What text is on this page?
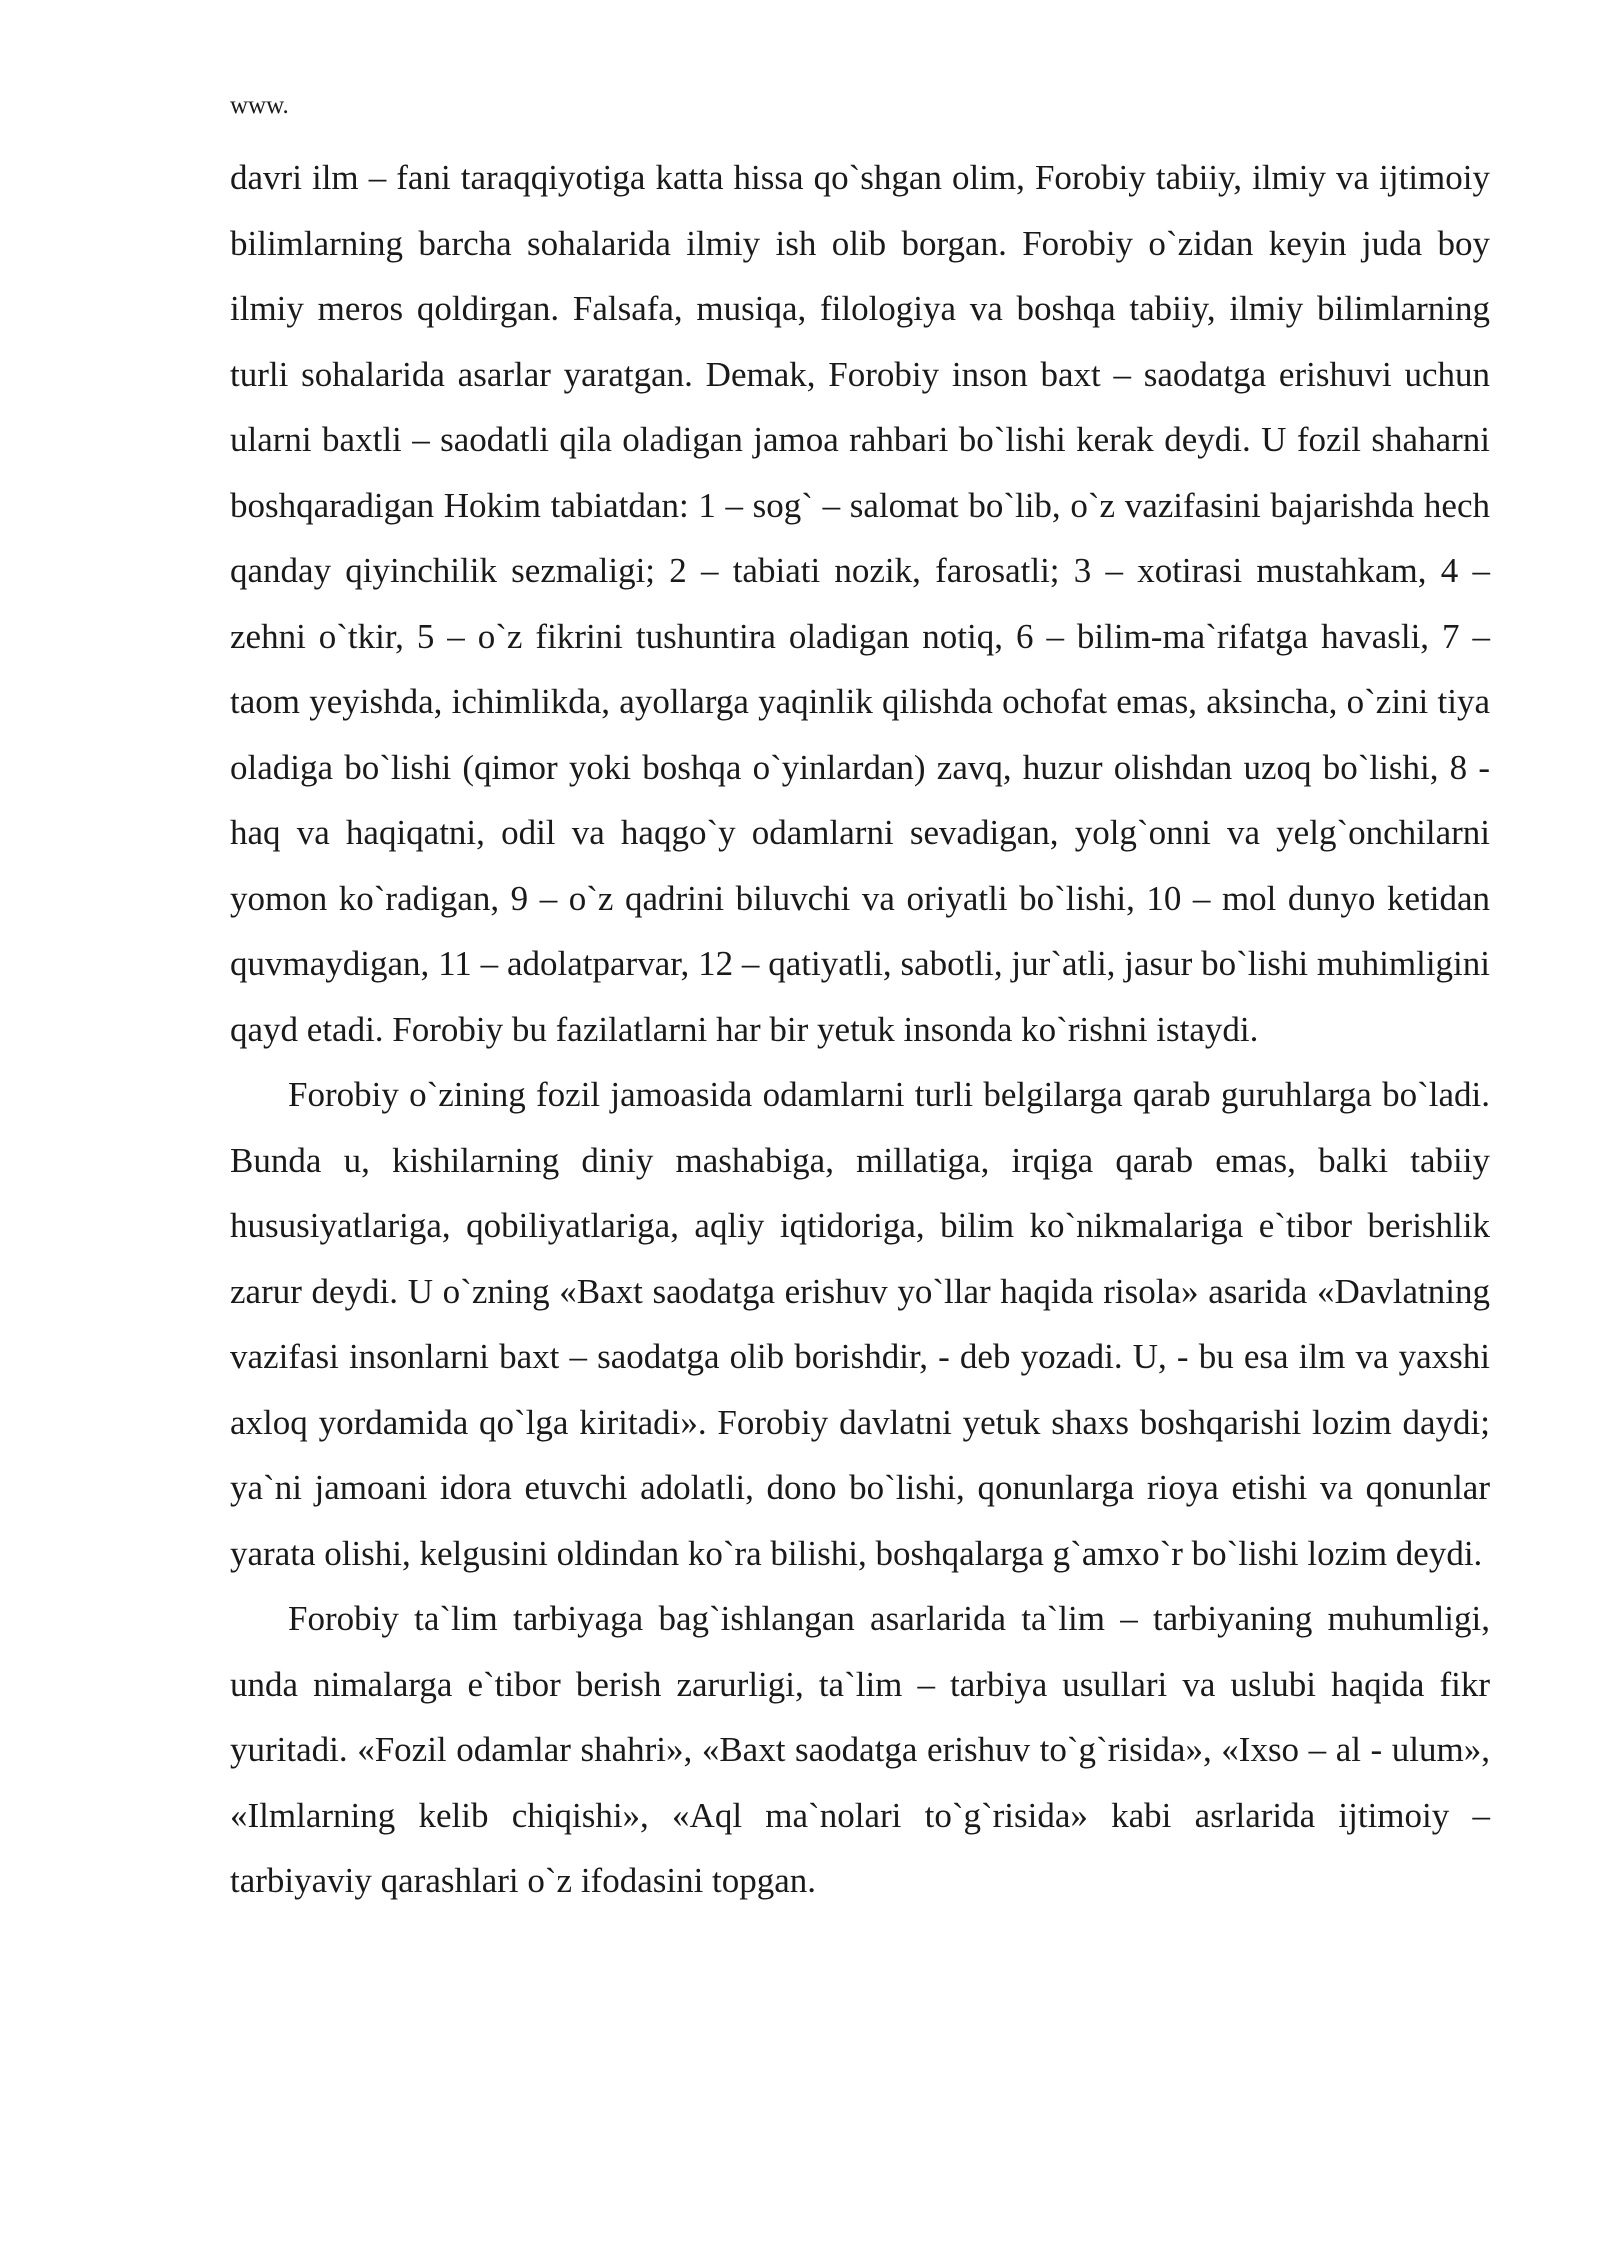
www.

davri ilm – fani taraqqiyotiga katta hissa qo`shgan olim, Forobiy tabiiy, ilmiy va ijtimoiy bilimlarning barcha sohalarida ilmiy ish olib borgan. Forobiy o`zidan keyin juda boy ilmiy meros qoldirgan. Falsafa, musiqa, filologiya va boshqa tabiiy, ilmiy bilimlarning turli sohalarida asarlar yaratgan. Demak, Forobiy inson baxt – saodatga erishuvi uchun ularni baxtli – saodatli qila oladigan jamoa rahbari bo`lishi kerak deydi. U fozil shaharni boshqaradigan Hokim tabiatdan: 1 – sog` – salomat bo`lib, o`z vazifasini bajarishda hech qanday qiyinchilik sezmaligi; 2 – tabiati nozik, farosatli; 3 – xotirasi mustahkam, 4 – zehni o`tkir, 5 – o`z fikrini tushuntira oladigan notiq, 6 – bilim-ma`rifatga havasli, 7 – taom yeyishda, ichimlikda, ayollarga yaqinlik qilishda ochofat emas, aksincha, o`zini tiya oladiga bo`lishi (qimor yoki boshqa o`yinlardan) zavq, huzur olishdan uzoq bo`lishi, 8 - haq va haqiqatni, odil va haqgo`y odamlarni sevadigan, yolg`onni va yelg`onchilarni yomon ko`radigan, 9 – o`z qadrini biluvchi va oriyatli bo`lishi, 10 – mol dunyo ketidan quvmaydigan, 11 – adolatparvar, 12 – qatiyatli, sabotli, jur`atli, jasur bo`lishi muhimligini qayd etadi. Forobiy bu fazilatlarni har bir yetuk insonda ko`rishni istaydi.

Forobiy o`zining fozil jamoasida odamlarni turli belgilarga qarab guruhlarga bo`ladi. Bunda u, kishilarning diniy mashabiga, millatiga, irqiga qarab emas, balki tabiiy hususiyatlariga, qobiliyatlariga, aqliy iqtidoriga, bilim ko`nikmalariga e`tibor berishlik zarur deydi. U o`zning «Baxt saodatga erishuv yo`llar haqida risola» asarida «Davlatning vazifasi insonlarni baxt – saodatga olib borishdir, - deb yozadi. U, - bu esa ilm va yaxshi axloq yordamida qo`lga kiritadi». Forobiy davlatni yetuk shaxs boshqarishi lozim daydi; ya`ni jamoani idora etuvchi adolatli, dono bo`lishi, qonunlarga rioya etishi va qonunlar yarata olishi, kelgusini oldindan ko`ra bilishi, boshqalarga g`amxo`r bo`lishi lozim deydi.

Forobiy ta`lim tarbiyaga bag`ishlangan asarlarida ta`lim – tarbiyaning muhumligi, unda nimalarga e`tibor berish zarurligi, ta`lim – tarbiya usullari va uslubi haqida fikr yuritadi. «Fozil odamlar shahri», «Baxt saodatga erishuv to`g`risida», «Ixso – al - ulum», «Ilmlarning kelib chiqishi», «Aql ma`nolari to`g`risida» kabi asrlarida ijtimoiy – tarbiyaviy qarashlari o`z ifodasini topgan.
